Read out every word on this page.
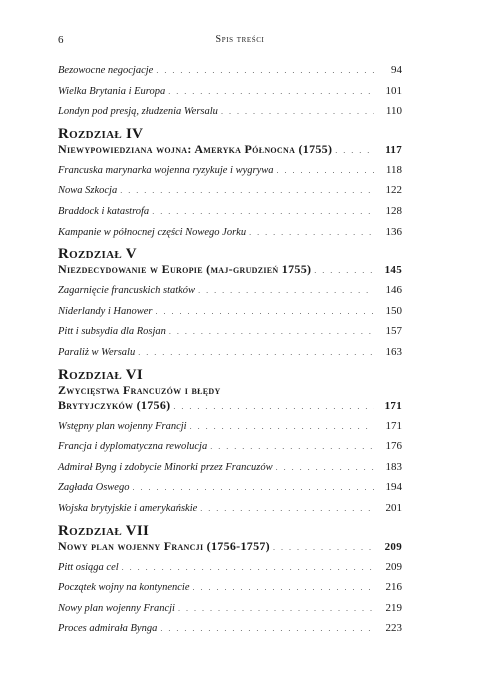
6	Spis treści
Bezowocne negocjacje . . .	94
Wielka Brytania i Europa . . .	101
Londyn pod presją, złudzenia Wersalu . . .	110
Rozdział IV
Niewypowiedziana wojna: Ameryka Północna (1755) . . .	117
Francuska marynarka wojenna ryzykuje i wygrywa . . .	118
Nowa Szkocja . . .	122
Braddock i katastrofa . . .	128
Kampanie w północnej części Nowego Jorku . . .	136
Rozdział V
Niezdecydowanie w Europie (maj-grudzień 1755) . . .	145
Zagarnięcie francuskich statków . . .	146
Niderlandy i Hanower . . .	150
Pitt i subsydia dla Rosjan . . .	157
Paraliż w Wersalu . . .	163
Rozdział VI
Zwycięstwa Francuzów i błędy
Brytyjczyków (1756) . . .	171
Wstępny plan wojenny Francji . . .	171
Francja i dyplomatyczna rewolucja . . .	176
Admirał Byng i zdobycie Minorki przez Francuzów . . .	183
Zagłada Oswego . . .	194
Wojska brytyjskie i amerykańskie . . .	201
Rozdział VII
Nowy plan wojenny Francji (1756-1757) . . .	209
Pitt osiąga cel . . .	209
Początek wojny na kontynencie . . .	216
Nowy plan wojenny Francji . . .	219
Proces admirała Bynga . . .	223
